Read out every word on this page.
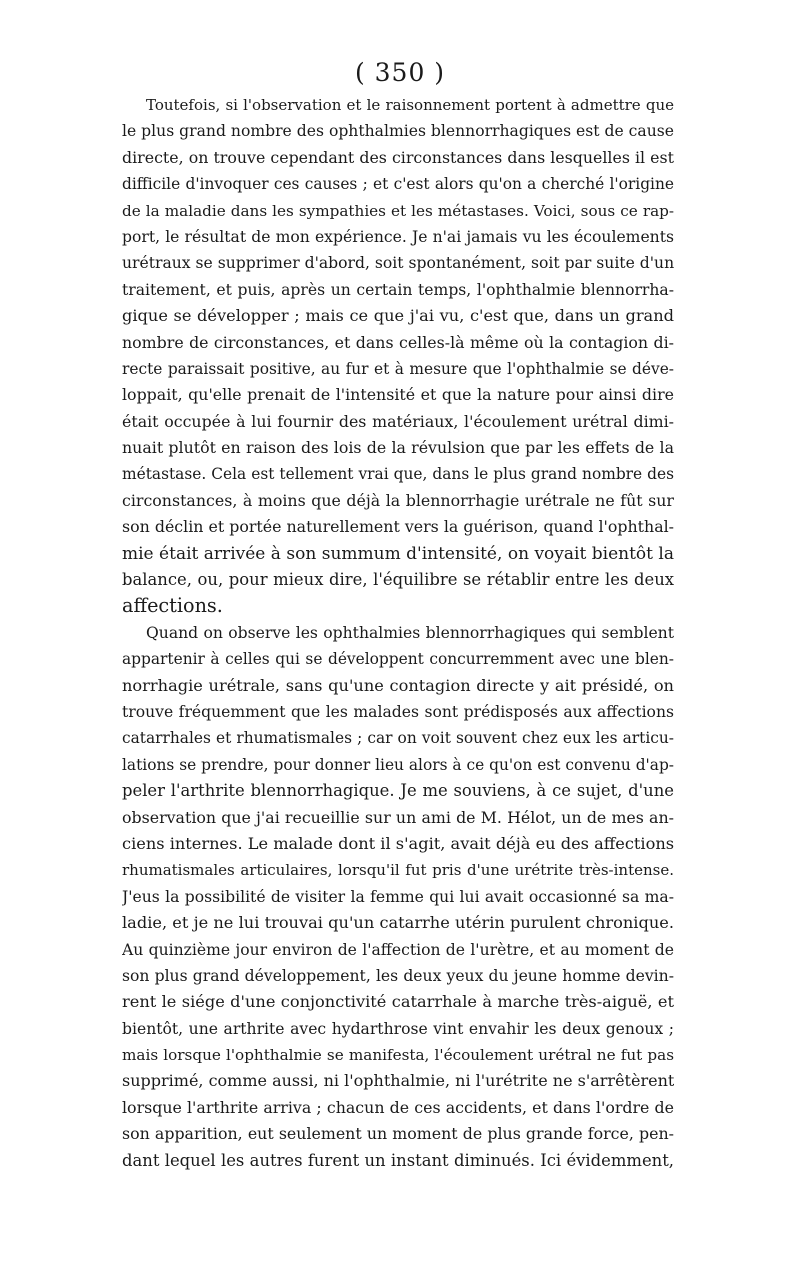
( 350 )
Toutefois, si l'observation et le raisonnement portent à admettre que
le plus grand nombre des ophthalmies blennorrhagiques est de cause
directe, on trouve cependant des circonstances dans lesquelles il est
difficile d'invoquer ces causes ; et c'est alors qu'on a cherché l'origine
de la maladie dans les sympathies et les métastases. Voici, sous ce rap-
port, le résultat de mon expérience. Je n'ai jamais vu les écoulements
urétraux se supprimer d'abord, soit spontanément, soit par suite d'un
traitement, et puis, après un certain temps, l'ophthalmie blennorrha-
gique se développer ; mais ce que j'ai vu, c'est que, dans un grand
nombre de circonstances, et dans celles-là même où la contagion di-
recte paraissait positive, au fur et à mesure que l'ophthalmie se déve-
loppait, qu'elle prenait de l'intensité et que la nature pour ainsi dire
était occupée à lui fournir des matériaux, l'écoulement urétral dimi-
nuait plutôt en raison des lois de la révulsion que par les effets de la
métastase. Cela est tellement vrai que, dans le plus grand nombre des
circonstances, à moins que déjà la blennorrhagie urétrale ne fût sur
son déclin et portée naturellement vers la guérison, quand l'ophthal-
mie était arrivée à son summum d'intensité, on voyait bientôt la
balance, ou, pour mieux dire, l'équilibre se rétablir entre les deux
affections.
Quand on observe les ophthalmies blennorrhagiques qui semblent
appartenir à celles qui se développent concurremment avec une blen-
norrhagie urétrale, sans qu'une contagion directe y ait présidé, on
trouve fréquemment que les malades sont prédisposés aux affections
catarrhales et rhumatismales ; car on voit souvent chez eux les articu-
lations se prendre, pour donner lieu alors à ce qu'on est convenu d'ap-
peler l'arthrite blennorrhagique. Je me souviens, à ce sujet, d'une
observation que j'ai recueillie sur un ami de M. Hélot, un de mes an-
ciens internes. Le malade dont il s'agit, avait déjà eu des affections
rhumatismales articulaires, lorsqu'il fut pris d'une urétrite très-intense.
J'eus la possibilité de visiter la femme qui lui avait occasionné sa ma-
ladie, et je ne lui trouvai qu'un catarrhe utérin purulent chronique.
Au quinzième jour environ de l'affection de l'urètre, et au moment de
son plus grand développement, les deux yeux du jeune homme devin-
rent le siége d'une conjonctivité catarrhale à marche très-aiguë, et
bientôt, une arthrite avec hydarthrose vint envahir les deux genoux ;
mais lorsque l'ophthalmie se manifesta, l'écoulement urétral ne fut pas
supprimé, comme aussi, ni l'ophthalmie, ni l'urétrite ne s'arrêtèrent
lorsque l'arthrite arriva ; chacun de ces accidents, et dans l'ordre de
son apparition, eut seulement un moment de plus grande force, pen-
dant lequel les autres furent un instant diminués. Ici évidemment,
